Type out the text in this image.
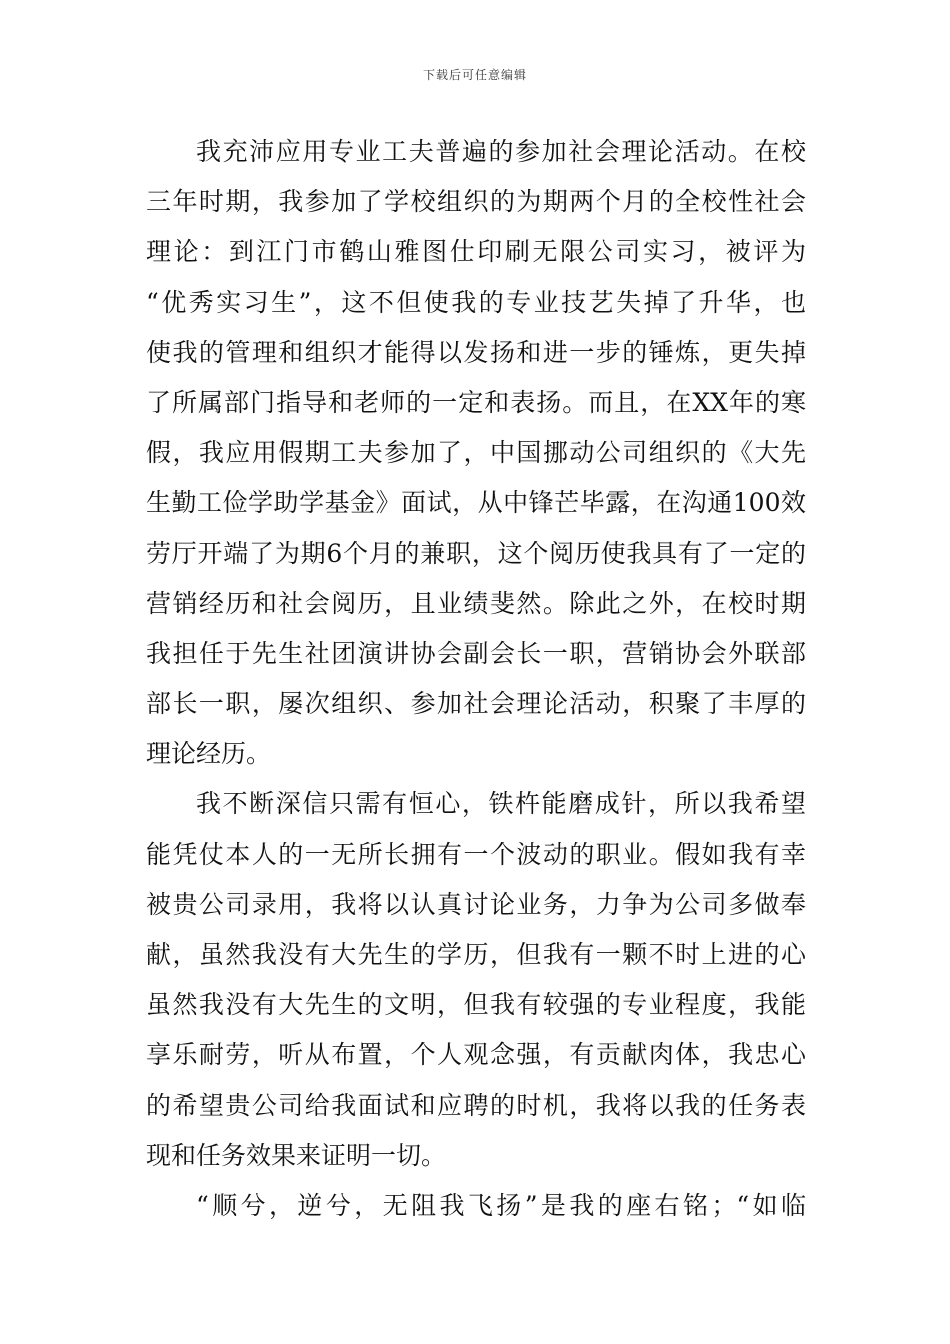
下载后可任意编辑
我充沛应用专业工夫普遍的参加社会理论活动。在校
三年时期，我参加了学校组织的为期两个月的全校性社会
理论：到江门市鹤山雅图仕印刷无限公司实习，被评为
“优秀实习生”，这不但使我的专业技艺失掉了升华，也
使我的管理和组织才能得以发扬和进一步的锤炼，更失掉
了所属部门指导和老师的一定和表扬。而且，在XX年的寒
假，我应用假期工夫参加了，中国挪动公司组织的《大先
生勤工俭学助学基金》面试，从中锋芒毕露，在沟通100效
劳厅开端了为期6个月的兼职，这个阅历使我具有了一定的
营销经历和社会阅历，且业绩斐然。除此之外，在校时期
我担任于先生社团演讲协会副会长一职，营销协会外联部
部长一职，屡次组织、参加社会理论活动，积聚了丰厚的
理论经历。
我不断深信只需有恒心，铁杵能磨成针，所以我希望
能凭仗本人的一无所长拥有一个波动的职业。假如我有幸
被贵公司录用，我将以认真讨论业务，力争为公司多做奉
献，虽然我没有大先生的学历，但我有一颗不时上进的心
虽然我没有大先生的文明，但我有较强的专业程度，我能
享乐耐劳，听从布置，个人观念强，有贡献肉体，我忠心
的希望贵公司给我面试和应聘的时机，我将以我的任务表
现和任务效果来证明一切。
“顺兮，逆兮，无阻我飞扬”是我的座右铭；“如临
